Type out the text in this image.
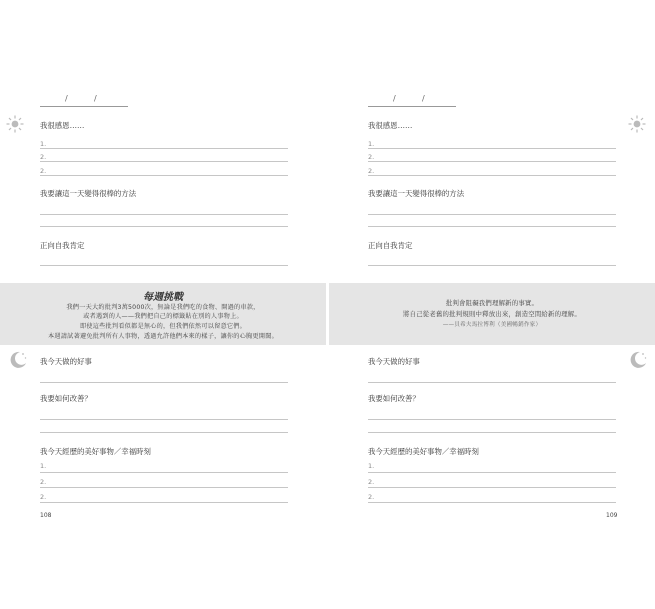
/	/
我很感恩……
1.
2.
2.
我要讓這一天變得很棒的方法
正向自我肯定
每週挑戰
我們一天大約批判3萬5000次，無論是我們吃的食物、開過的車款，
或者遇到的人——我們把自己的標籤貼在別的人事物上。
即使這些批判看似都是無心的，但我們依然可以留意它們。
本週請試著避免批判所有人事物，透過允許他們本來的樣子，讓你的心胸更開闊。
我今天做的好事
我要如何改善？
我今天經歷的美好事物／幸福時刻
1.
2.
2.
108
/	/
我很感恩……
1.
2.
2.
我要讓這一天變得很棒的方法
正向自我肯定
批判會阻礙我們理解新的事實。
將自己從老舊的批判規則中釋放出來，創造空間給新的理解。
——貝希夫馬拉博利（美國暢銷作家）
我今天做的好事
我要如何改善？
我今天經歷的美好事物／幸福時刻
1.
2.
2.
109
